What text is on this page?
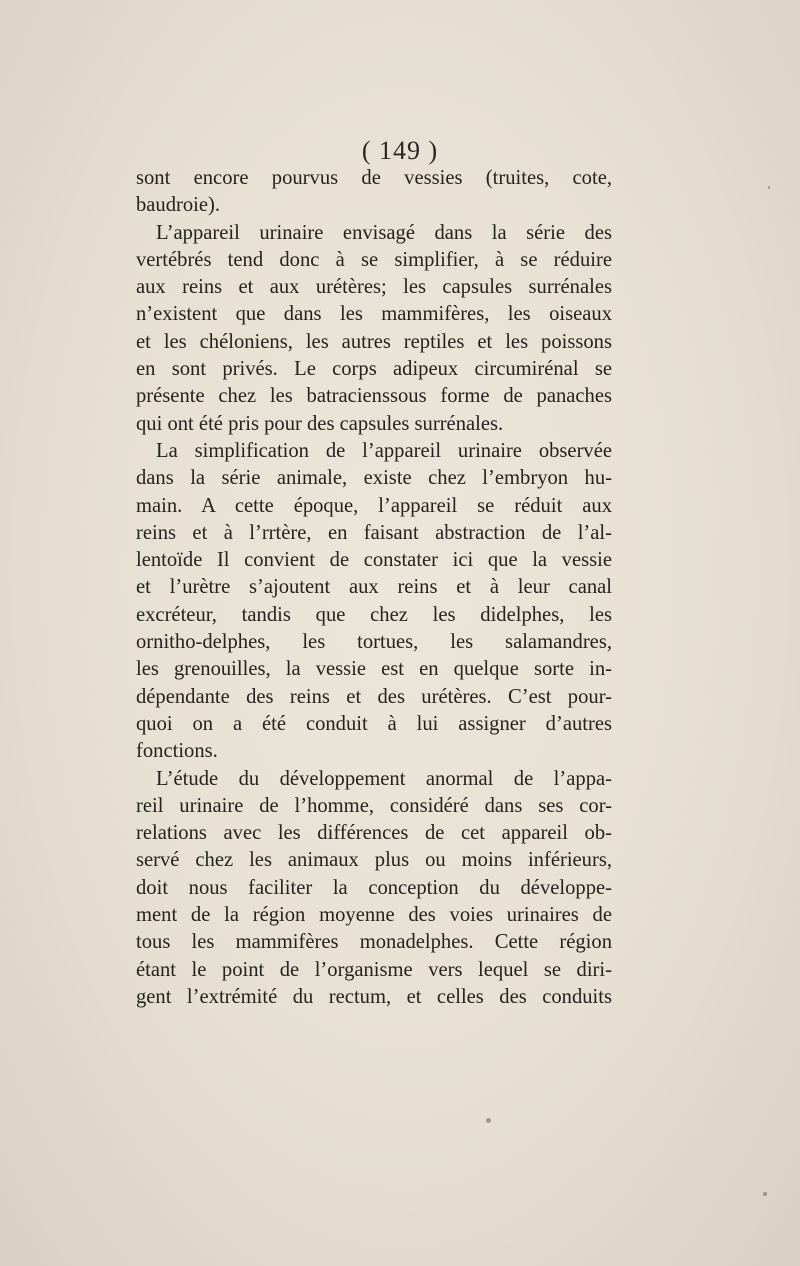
( 149 )
sont encore pourvus de vessies (truites, cote,
baudroie).
L’appareil urinaire envisagé dans la série des
vertébrés tend donc à se simplifier, à se réduire
aux reins et aux urétères; les capsules surrénales
n’existent que dans les mammifères, les oiseaux
et les chéloniens, les autres reptiles et les poissons
en sont privés. Le corps adipeux circumirénal se
présente chez les batracienssous forme de panaches
qui ont été pris pour des capsules surrénales.
La simplification de l’appareil urinaire observée
dans la série animale, existe chez l’embryon hu-
main. A cette époque, l’appareil se réduit aux
reins et à l’rrtère, en faisant abstraction de l’al-
lentoïde Il convient de constater ici que la vessie
et l’urètre s’ajoutent aux reins et à leur canal
excréteur, tandis que chez les didelphes, les
ornitho-delphes, les tortues, les salamandres,
les grenouilles, la vessie est en quelque sorte in-
dépendante des reins et des urétères. C’est pour-
quoi on a été conduit à lui assigner d’autres
fonctions.
L’étude du développement anormal de l’appa-
reil urinaire de l’homme, considéré dans ses cor-
relations avec les différences de cet appareil ob-
servé chez les animaux plus ou moins inférieurs,
doit nous faciliter la conception du développe-
ment de la région moyenne des voies urinaires de
tous les mammifères monadelphes. Cette région
étant le point de l’organisme vers lequel se diri-
gent l’extrémité du rectum, et celles des conduits
